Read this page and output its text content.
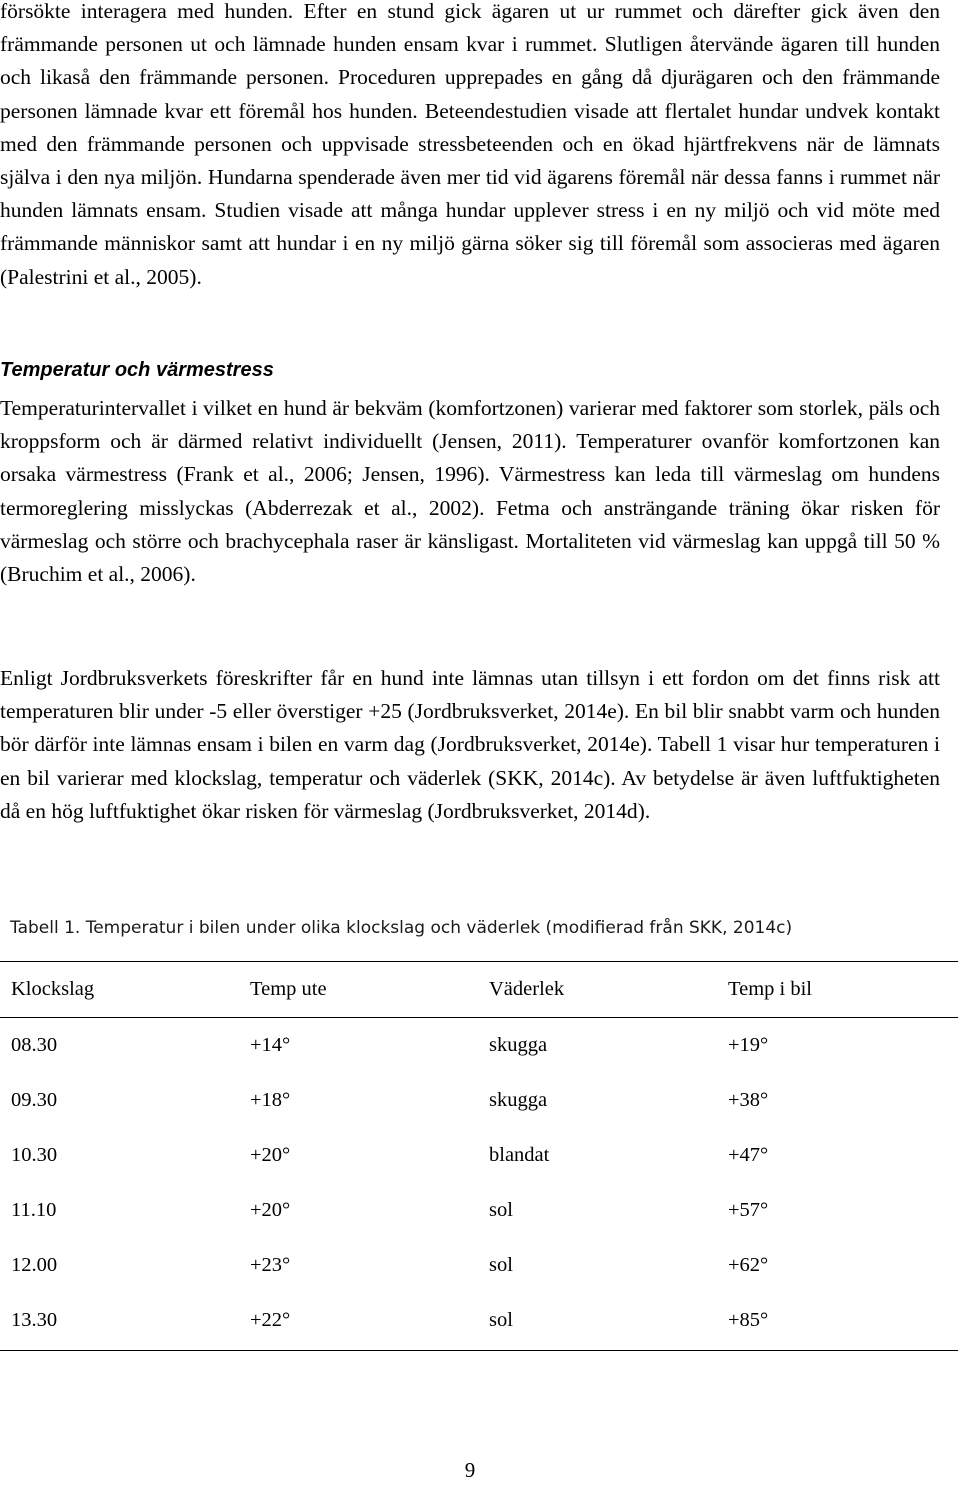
försökte interagera med hunden. Efter en stund gick ägaren ut ur rummet och därefter gick även den främmande personen ut och lämnade hunden ensam kvar i rummet. Slutligen återvände ägaren till hunden och likaså den främmande personen. Proceduren upprepades en gång då djurägaren och den främmande personen lämnade kvar ett föremål hos hunden. Beteendestudien visade att flertalet hundar undvek kontakt med den främmande personen och uppvisade stressbeteenden och en ökad hjärtfrekvens när de lämnats själva i den nya miljön. Hundarna spenderade även mer tid vid ägarens föremål när dessa fanns i rummet när hunden lämnats ensam. Studien visade att många hundar upplever stress i en ny miljö och vid möte med främmande människor samt att hundar i en ny miljö gärna söker sig till föremål som associeras med ägaren (Palestrini et al., 2005).

Temperatur och värmestress

Temperaturintervallet i vilket en hund är bekväm (komfortzonen) varierar med faktorer som storlek, päls och kroppsform och är därmed relativt individuellt (Jensen, 2011). Temperaturer ovanför komfortzonen kan orsaka värmestress (Frank et al., 2006; Jensen, 1996). Värmestress kan leda till värmeslag om hundens termoreglering misslyckas (Abderrezak et al., 2002). Fetma och ansträngande träning ökar risken för värmeslag och större och brachycephala raser är känsligast. Mortaliteten vid värmeslag kan uppgå till 50 % (Bruchim et al., 2006).

Enligt Jordbruksverkets föreskrifter får en hund inte lämnas utan tillsyn i ett fordon om det finns risk att temperaturen blir under -5 eller överstiger +25 (Jordbruksverket, 2014e). En bil blir snabbt varm och hunden bör därför inte lämnas ensam i bilen en varm dag (Jordbruksverket, 2014e). Tabell 1 visar hur temperaturen i en bil varierar med klockslag, temperatur och väderlek (SKK, 2014c). Av betydelse är även luftfuktigheten då en hög luftfuktighet ökar risken för värmeslag (Jordbruksverket, 2014d).

Tabell 1. Temperatur i bilen under olika klockslag och väderlek (modifierad från SKK, 2014c)

Klockslag	Temp ute	Väderlek	Temp i bil
08.30	+14°	skugga	+19°
09.30	+18°	skugga	+38°
10.30	+20°	blandat	+47°
11.10	+20°	sol	+57°
12.00	+23°	sol	+62°
13.30	+22°	sol	+85°
9
